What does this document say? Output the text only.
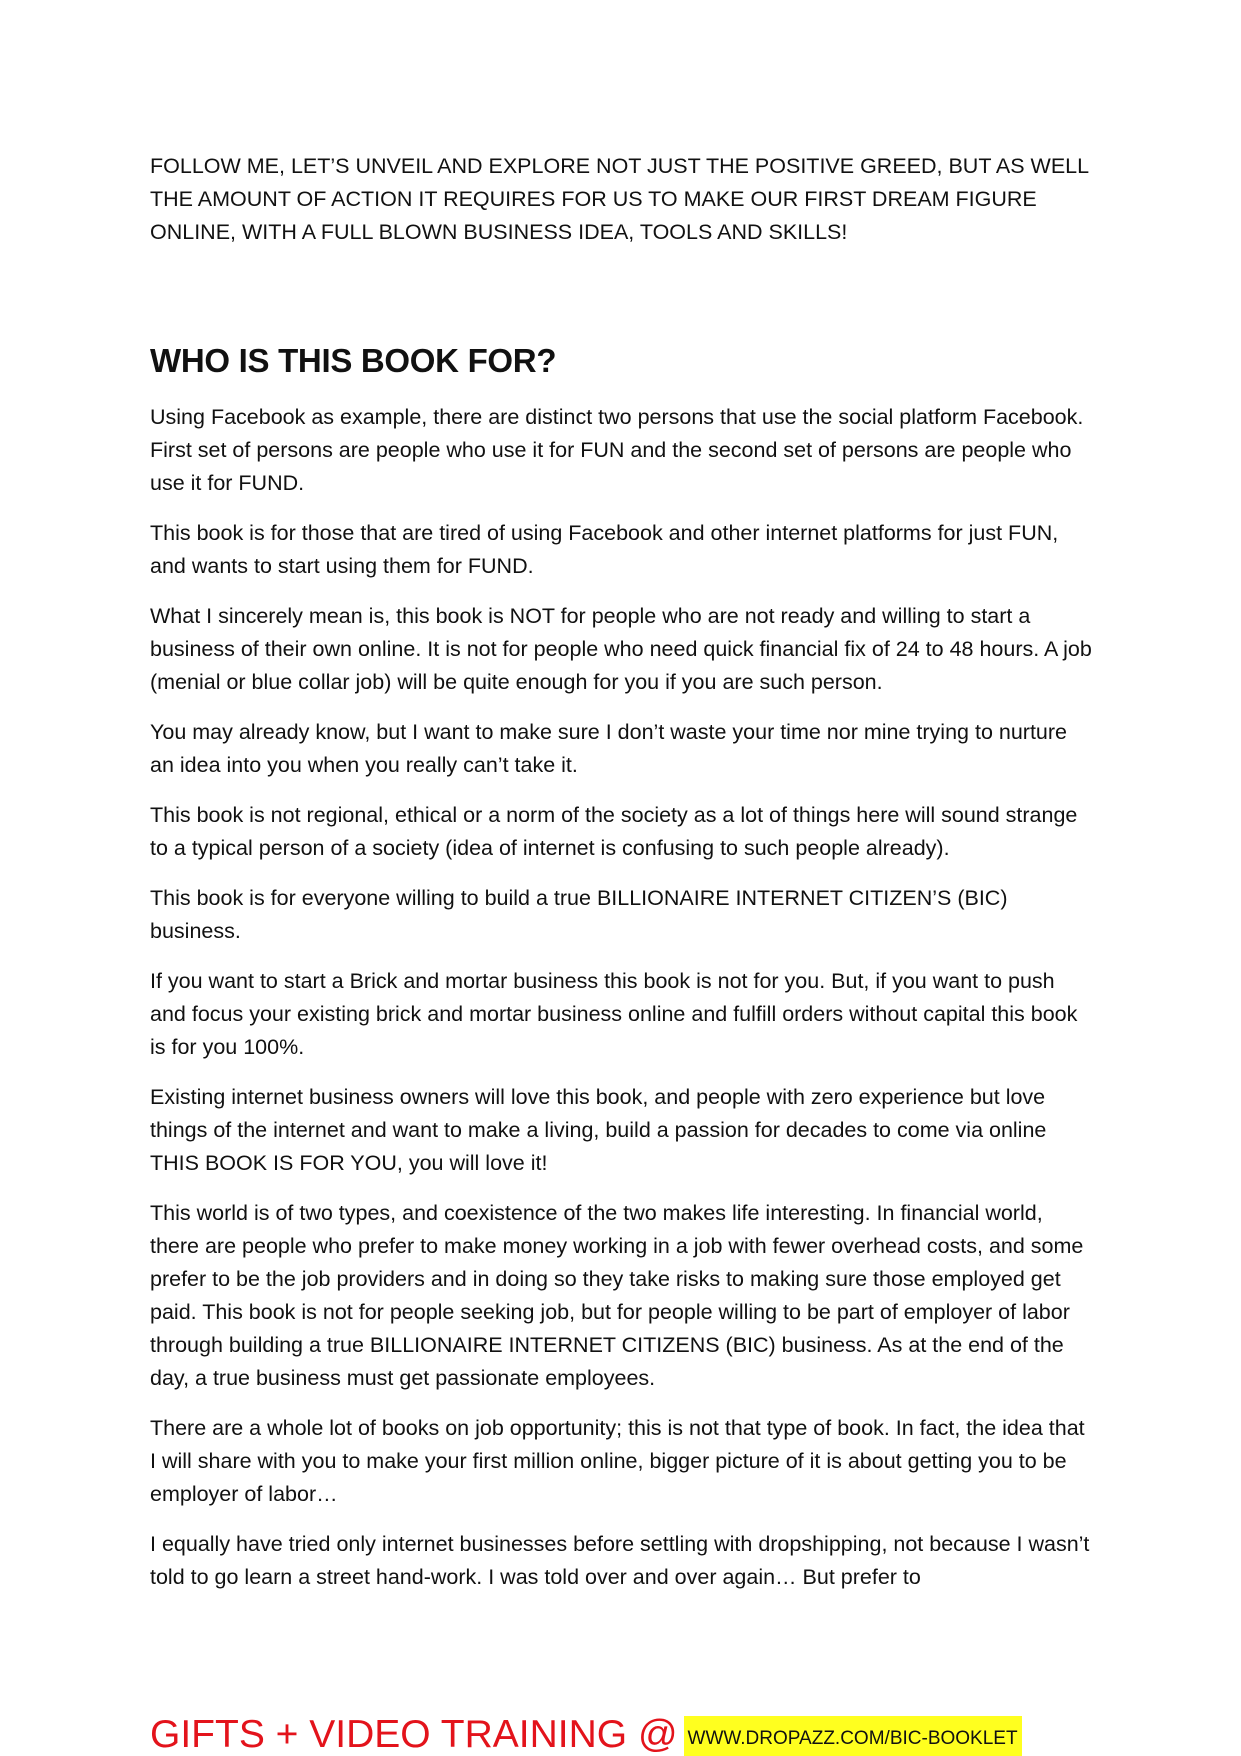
FOLLOW ME, LET’S UNVEIL AND EXPLORE NOT JUST THE POSITIVE GREED, BUT AS WELL THE AMOUNT OF ACTION IT REQUIRES FOR US TO MAKE OUR FIRST DREAM FIGURE ONLINE, WITH A FULL BLOWN BUSINESS IDEA, TOOLS AND SKILLS!

WHO IS THIS BOOK FOR?

Using Facebook as example, there are distinct two persons that use the social platform Facebook. First set of persons are people who use it for FUN and the second set of persons are people who use it for FUND.

This book is for those that are tired of using Facebook and other internet platforms for just FUN, and wants to start using them for FUND.

What I sincerely mean is, this book is NOT for people who are not ready and willing to start a business of their own online. It is not for people who need quick financial fix of 24 to 48 hours. A job (menial or blue collar job) will be quite enough for you if you are such person.

You may already know, but I want to make sure I don’t waste your time nor mine trying to nurture an idea into you when you really can’t take it.

This book is not regional, ethical or a norm of the society as a lot of things here will sound strange to a typical person of a society (idea of internet is confusing to such people already).

This book is for everyone willing to build a true BILLIONAIRE INTERNET CITIZEN’S (BIC) business.

If you want to start a Brick and mortar business this book is not for you. But, if you want to push and focus your existing brick and mortar business online and fulfill orders without capital this book is for you 100%.

Existing internet business owners will love this book, and people with zero experience but love things of the internet and want to make a living, build a passion for decades to come via online THIS BOOK IS FOR YOU, you will love it!

This world is of two types, and coexistence of the two makes life interesting. In financial world, there are people who prefer to make money working in a job with fewer overhead costs, and some prefer to be the job providers and in doing so they take risks to making sure those employed get paid. This book is not for people seeking job, but for people willing to be part of employer of labor through building a true BILLIONAIRE INTERNET CITIZENS (BIC) business. As at the end of the day, a true business must get passionate employees.

There are a whole lot of books on job opportunity; this is not that type of book. In fact, the idea that I will share with you to make your first million online, bigger picture of it is about getting you to be employer of labor…

I equally have tried only internet businesses before settling with dropshipping, not because I wasn’t told to go learn a street hand-work. I was told over and over again… But prefer to

GIFTS + VIDEO TRAINING @ WWW.DROPAZZ.COM/BIC-BOOKLET
